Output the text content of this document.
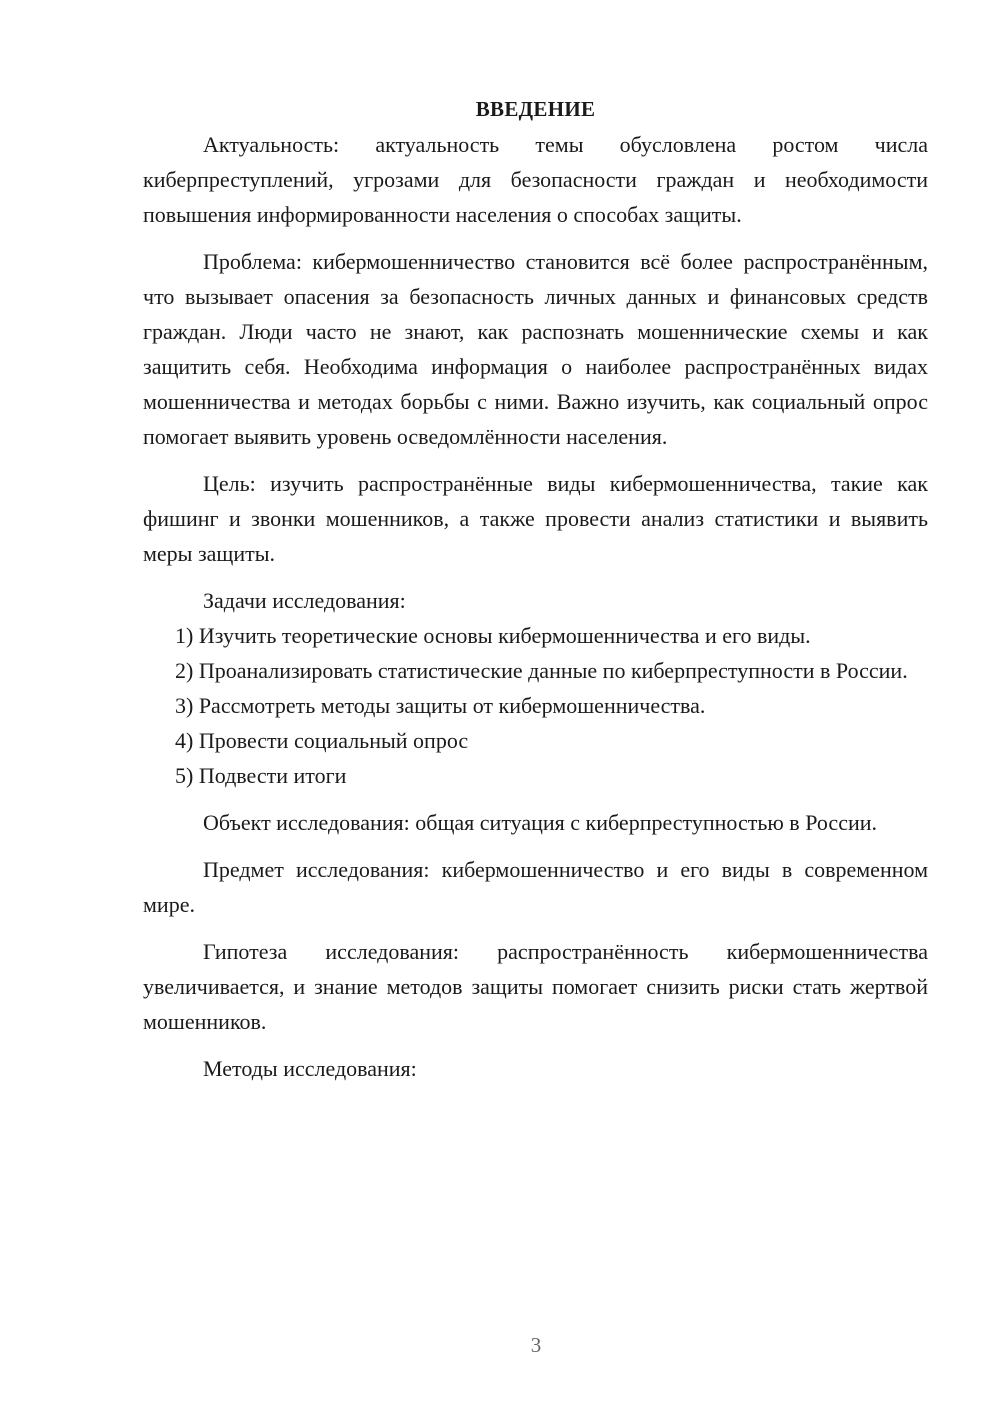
ВВЕДЕНИЕ

Актуальность: актуальность темы обусловлена ростом числа киберпреступлений, угрозами для безопасности граждан и необходимости повышения информированности населения о способах защиты.

Проблема: кибермошенничество становится всё более распространённым, что вызывает опасения за безопасность личных данных и финансовых средств граждан. Люди часто не знают, как распознать мошеннические схемы и как защитить себя. Необходима информация о наиболее распространённых видах мошенничества и методах борьбы с ними. Важно изучить, как социальный опрос помогает выявить уровень осведомлённости населения.

Цель: изучить распространённые виды кибермошенничества, такие как фишинг и звонки мошенников, а также провести анализ статистики и выявить меры защиты.

Задачи исследования:

1) Изучить теоретические основы кибермошенничества и его виды.

2) Проанализировать статистические данные по киберпреступности в России.

3) Рассмотреть методы защиты от кибермошенничества.

4) Провести социальный опрос

5) Подвести итоги

Объект исследования: общая ситуация с киберпреступностью в России.

Предмет исследования: кибермошенничество и его виды в современном мире.

Гипотеза исследования: распространённость кибермошенничества увеличивается, и знание методов защиты помогает снизить риски стать жертвой мошенников.

Методы исследования:

3
